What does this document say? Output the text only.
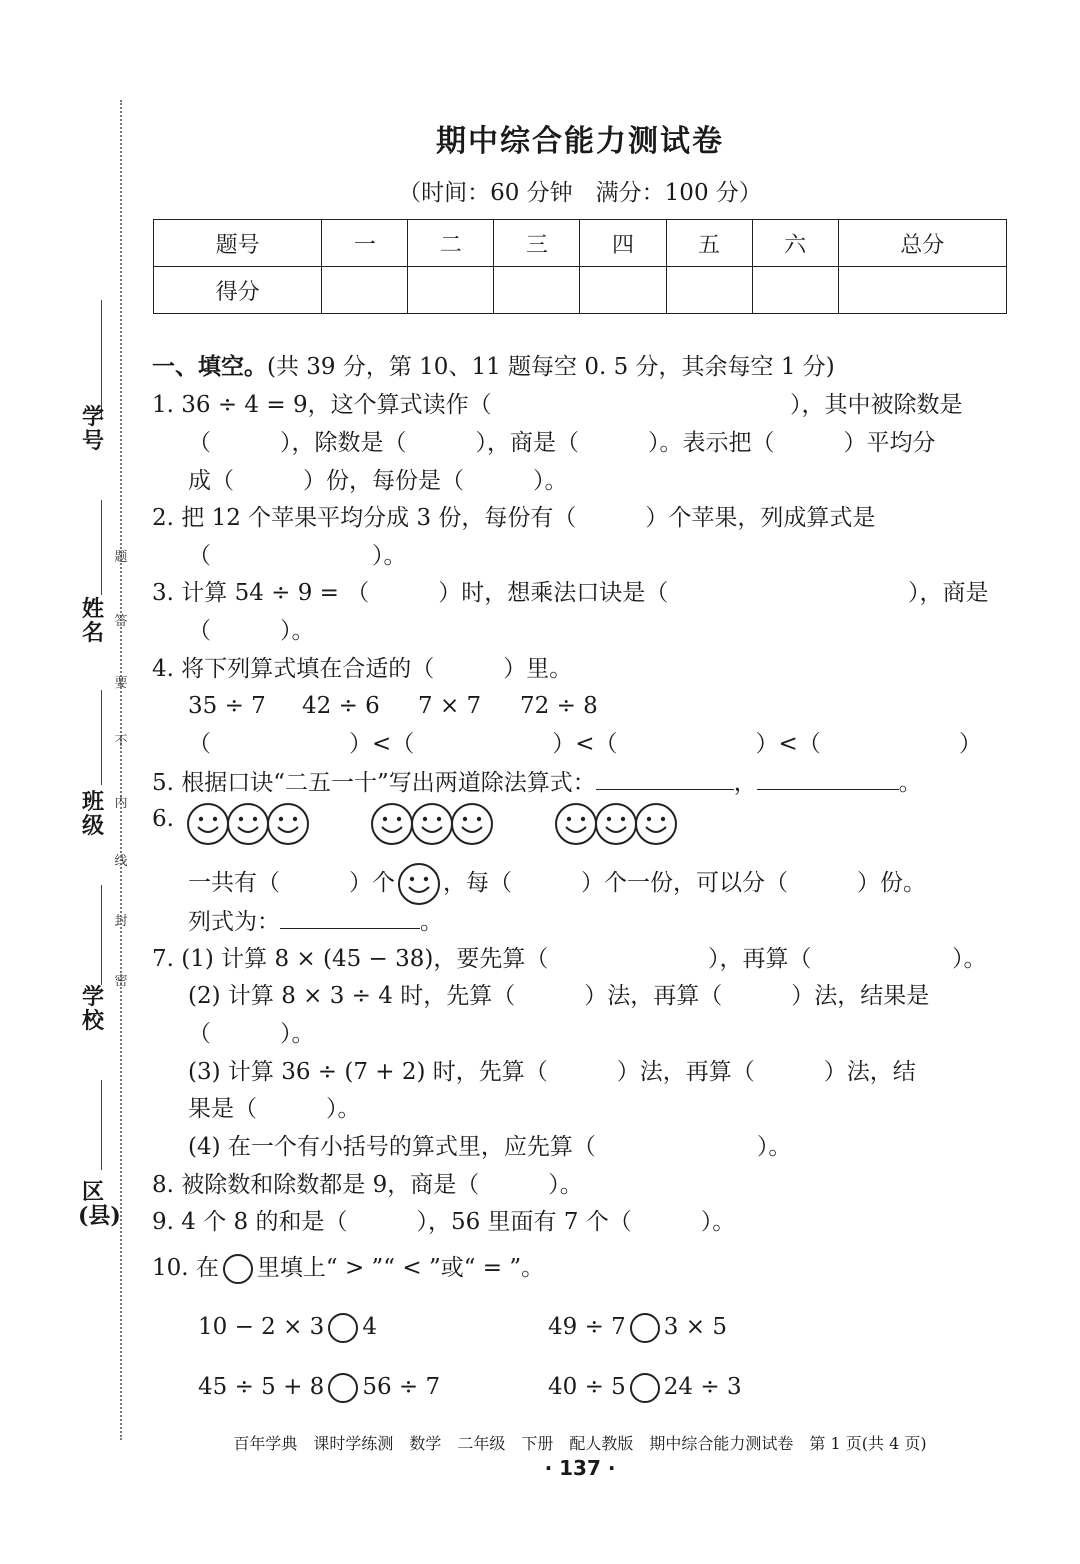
学号
姓名
班级
学校
区(县)
题
答
要
不
内
线
封
密
期中综合能力测试卷
（时间：60 分钟　满分：100 分）
题号	一	二	三	四	五	六	总分
得分							
一、填空。(共 39 分，第 10、11 题每空 0. 5 分，其余每空 1 分)
1. 36 ÷ 4 = 9，这个算式读作（	），其中被除数是
（　　　），除数是（　　　），商是（　　　）。表示把（　　　）平均分
成（　　　）份，每份是（　　　）。
2. 把 12 个苹果平均分成 3 份，每份有（　　　）个苹果，列成算式是
（　　　　　　　）。
3. 计算 54 ÷ 9 = （　　　）时，想乘法口诀是（	），商是
（　　　）。
4. 将下列算式填在合适的（　　　）里。
35 ÷ 7 42 ÷ 6 7 × 7 72 ÷ 8
（　　　　　　）<（　　　　　　）<（　　　　　　）<（　　　　　　）
5. 根据口诀“二五一十”写出两道除法算式：	，	。
6.
一共有（　　　）个 ，每（　　　）个一份，可以分（　　　）份。
列式为：	。
7. (1) 计算 8 × (45 − 38)，要先算（	），再算（	）。
(2) 计算 8 × 3 ÷ 4 时，先算（　　　）法，再算（　　　）法，结果是
（　　　）。
(3) 计算 36 ÷ (7 + 2) 时，先算（　　　）法，再算（　　　）法，结
果是（　　　）。
(4) 在一个有小括号的算式里，应先算（　　　　　　　）。
8. 被除数和除数都是 9，商是（　　　）。
9. 4 个 8 的和是（　　　），56 里面有 7 个（　　　）。
10. 在 里填上“ > ”“ < ”或“ = ”。
10 − 2 × 3 4	49 ÷ 7 3 × 5
45 ÷ 5 + 8 56 ÷ 7	40 ÷ 5 24 ÷ 3
百年学典　课时学练测　数学　二年级　下册　配人教版　期中综合能力测试卷　第 1 页(共 4 页)
· 137 ·
